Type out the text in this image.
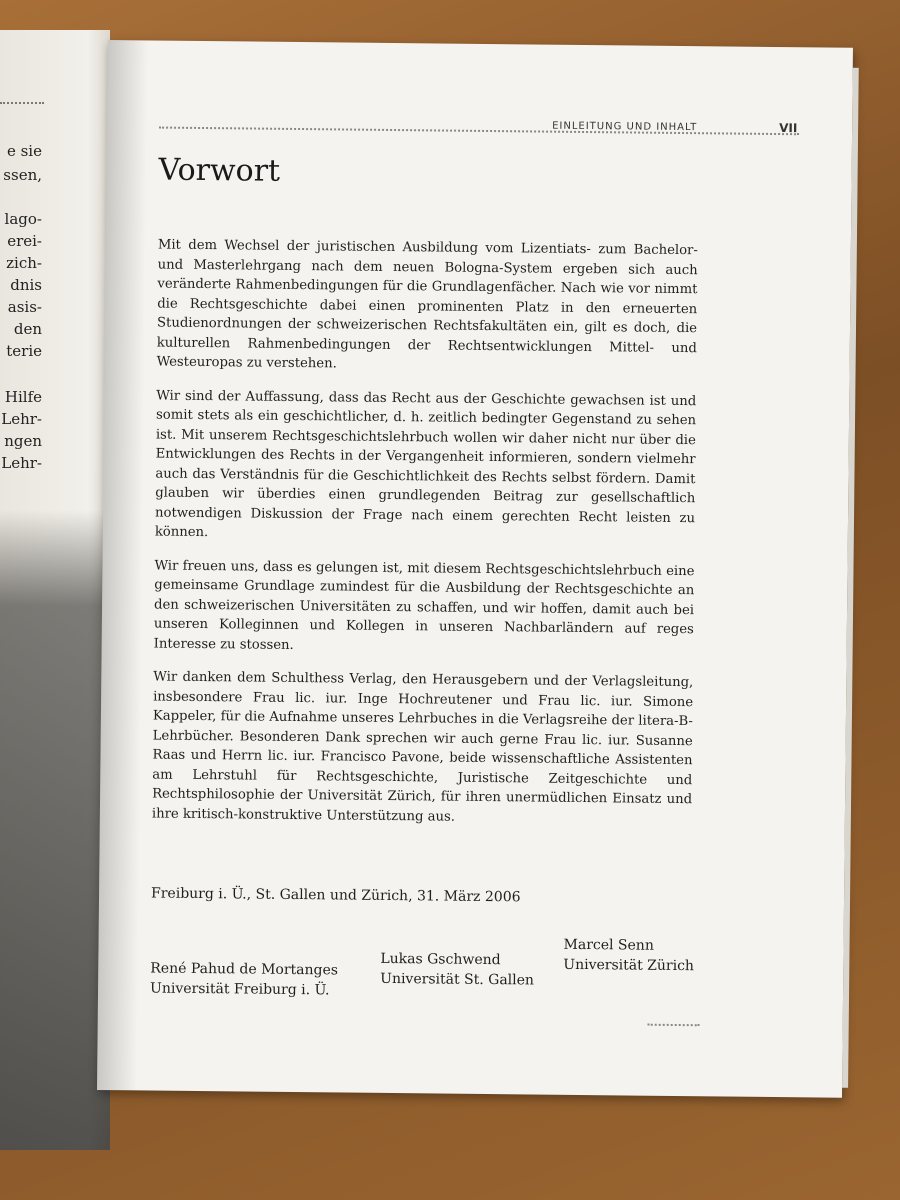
e sie
ssen,
lago-
erei-
zich-
dnis
asis-
den
terie
Hilfe
Lehr-
ngen
Lehr-
EINLEITUNG UND INHALT	VII
Vorwort

Mit dem Wechsel der juristischen Ausbildung vom Lizentiats- zum Bachelor- und Masterlehrgang nach dem neuen Bologna-System ergeben sich auch veränderte Rahmenbedingungen für die Grundlagenfächer. Nach wie vor nimmt die Rechtsgeschichte dabei einen prominenten Platz in den erneuerten Studienordnungen der schweizerischen Rechtsfakultäten ein, gilt es doch, die kulturellen Rahmenbedingungen der Rechtsentwicklungen Mittel- und Westeuropas zu verstehen.

Wir sind der Auffassung, dass das Recht aus der Geschichte gewachsen ist und somit stets als ein geschichtlicher, d. h. zeitlich bedingter Gegenstand zu sehen ist. Mit unserem Rechtsgeschichtslehrbuch wollen wir daher nicht nur über die Entwicklungen des Rechts in der Vergangenheit informieren, sondern vielmehr auch das Verständnis für die Geschichtlichkeit des Rechts selbst fördern. Damit glauben wir überdies einen grundlegenden Beitrag zur gesellschaftlich notwendigen Diskussion der Frage nach einem gerechten Recht leisten zu können.

Wir freuen uns, dass es gelungen ist, mit diesem Rechtsgeschichtslehrbuch eine gemeinsame Grundlage zumindest für die Ausbildung der Rechtsgeschichte an den schweizerischen Universitäten zu schaffen, und wir hoffen, damit auch bei unseren Kolleginnen und Kollegen in unseren Nachbarländern auf reges Interesse zu stossen.

Wir danken dem Schulthess Verlag, den Herausgebern und der Verlagsleitung, insbesondere Frau lic. iur. Inge Hochreutener und Frau lic. iur. Simone Kappeler, für die Aufnahme unseres Lehrbuches in die Verlagsreihe der litera-B-Lehrbücher. Besonderen Dank sprechen wir auch gerne Frau lic. iur. Susanne Raas und Herrn lic. iur. Francisco Pavone, beide wissenschaftliche Assistenten am Lehrstuhl für Rechtsgeschichte, Juristische Zeitgeschichte und Rechtsphilosophie der Universität Zürich, für ihren unermüdlichen Einsatz und ihre kritisch-konstruktive Unterstützung aus.

Freiburg i. Ü., St. Gallen und Zürich, 31. März 2006
René Pahud de Mortanges
Universität Freiburg i. Ü.
Lukas Gschwend
Universität St. Gallen
Marcel Senn
Universität Zürich
